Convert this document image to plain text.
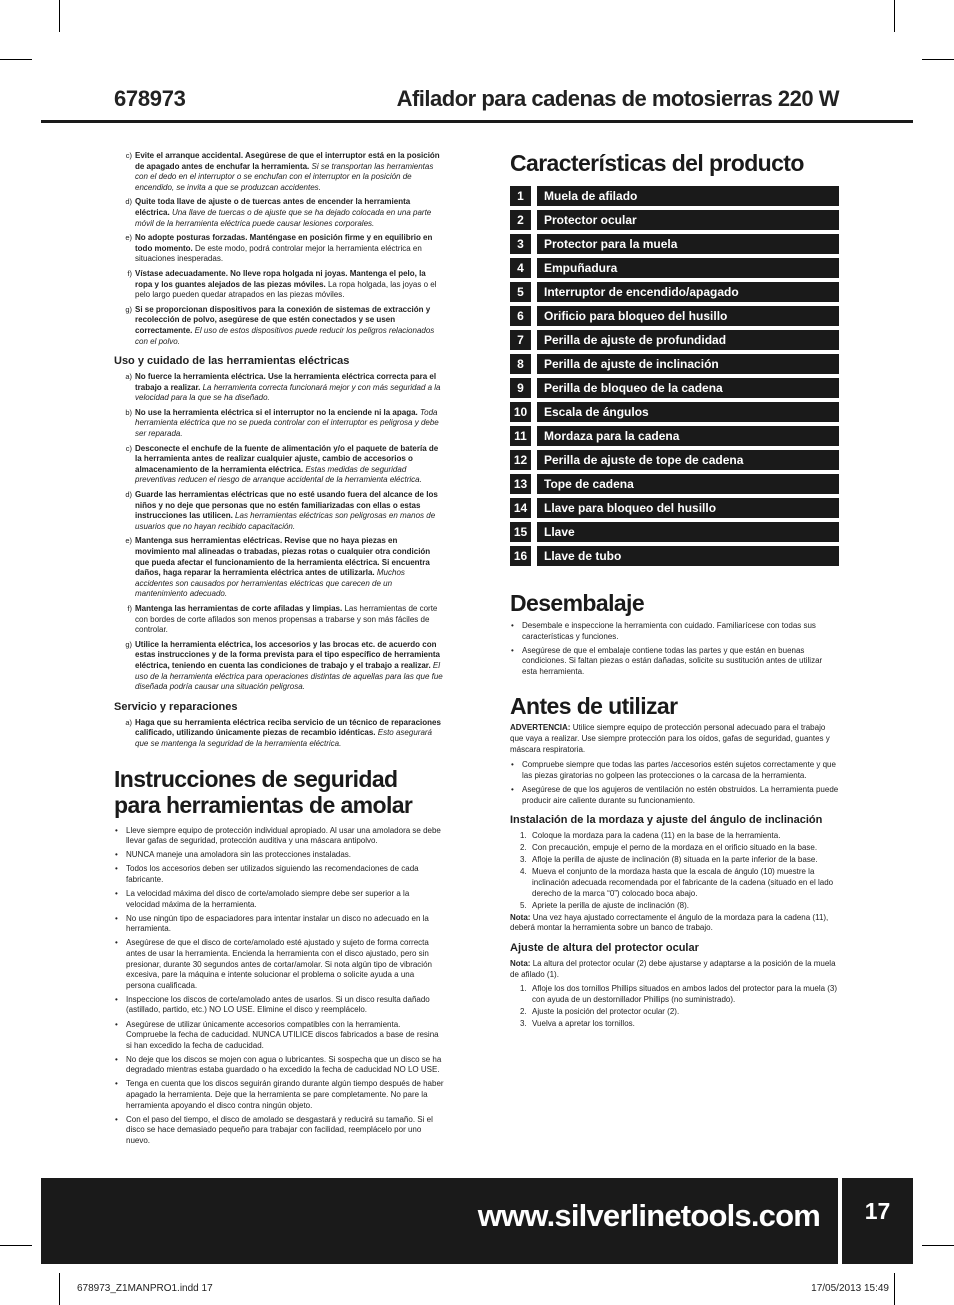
678973	Afilador para cadenas de motosierras 220 W
c) Evite el arranque accidental. Asegúrese de que el interruptor está en la posición de apagado antes de enchufar la herramienta. Si se transportan las herramientas con el dedo en el interruptor o se enchufan con el interruptor en la posición de encendido, se invita a que se produzcan accidentes.
d) Quite toda llave de ajuste o de tuercas antes de encender la herramienta eléctrica. Una llave de tuercas o de ajuste que se ha dejado colocada en una parte móvil de la herramienta eléctrica puede causar lesiones corporales.
e) No adopte posturas forzadas. Manténgase en posición firme y en equilibrio en todo momento. De este modo, podrá controlar mejor la herramienta eléctrica en situaciones inesperadas.
f) Vístase adecuadamente. No lleve ropa holgada ni joyas. Mantenga el pelo, la ropa y los guantes alejados de las piezas móviles. La ropa holgada, las joyas o el pelo largo pueden quedar atrapados en las piezas móviles.
g) Si se proporcionan dispositivos para la conexión de sistemas de extracción y recolección de polvo, asegúrese de que estén conectados y se usen correctamente. El uso de estos dispositivos puede reducir los peligros relacionados con el polvo.
Uso y cuidado de las herramientas eléctricas
a) No fuerce la herramienta eléctrica. Use la herramienta eléctrica correcta para el trabajo a realizar. La herramienta correcta funcionará mejor y con más seguridad a la velocidad para la que se ha diseñado.
b) No use la herramienta eléctrica si el interruptor no la enciende ni la apaga. Toda herramienta eléctrica que no se pueda controlar con el interruptor es peligrosa y debe ser reparada.
c) Desconecte el enchufe de la fuente de alimentación y/o el paquete de batería de la herramienta antes de realizar cualquier ajuste, cambio de accesorios o almacenamiento de la herramienta eléctrica. Estas medidas de seguridad preventivas reducen el riesgo de arranque accidental de la herramienta eléctrica.
d) Guarde las herramientas eléctricas que no esté usando fuera del alcance de los niños y no deje que personas que no estén familiarizadas con ellas o estas instrucciones las utilicen. Las herramientas eléctricas son peligrosas en manos de usuarios que no hayan recibido capacitación.
e) Mantenga sus herramientas eléctricas. Revise que no haya piezas en movimiento mal alineadas o trabadas, piezas rotas o cualquier otra condición que pueda afectar el funcionamiento de la herramienta eléctrica. Si encuentra daños, haga reparar la herramienta eléctrica antes de utilizarla. Muchos accidentes son causados por herramientas eléctricas que carecen de un mantenimiento adecuado.
f) Mantenga las herramientas de corte afiladas y limpias. Las herramientas de corte con bordes de corte afilados son menos propensas a trabarse y son más fáciles de controlar.
g) Utilice la herramienta eléctrica, los accesorios y las brocas etc. de acuerdo con estas instrucciones y de la forma prevista para el tipo específico de herramienta eléctrica, teniendo en cuenta las condiciones de trabajo y el trabajo a realizar. El uso de la herramienta eléctrica para operaciones distintas de aquellas para las que fue diseñada podría causar una situación peligrosa.
Servicio y reparaciones
a) Haga que su herramienta eléctrica reciba servicio de un técnico de reparaciones calificado, utilizando únicamente piezas de recambio idénticas. Esto asegurará que se mantenga la seguridad de la herramienta eléctrica.
Instrucciones de seguridad para herramientas de amolar
• Lleve siempre equipo de protección individual apropiado. Al usar una amoladora se debe llevar gafas de seguridad, protección auditiva y una máscara antipolvo.
• NUNCA maneje una amoladora sin las protecciones instaladas.
• Todos los accesorios deben ser utilizados siguiendo las recomendaciones de cada fabricante.
• La velocidad máxima del disco de corte/amolado siempre debe ser superior a la velocidad máxima de la herramienta.
• No use ningún tipo de espaciadores para intentar instalar un disco no adecuado en la herramienta.
• Asegúrese de que el disco de corte/amolado esté ajustado y sujeto de forma correcta antes de usar la herramienta. Encienda la herramienta con el disco ajustado, pero sin presionar, durante 30 segundos antes de cortar/amolar. Si nota algún tipo de vibración excesiva, pare la máquina e intente solucionar el problema o solicite ayuda a una persona cualificada.
• Inspeccione los discos de corte/amolado antes de usarlos. Si un disco resulta dañado (astillado, partido, etc.) NO LO USE. Elimine el disco y reemplácelo.
• Asegúrese de utilizar únicamente accesorios compatibles con la herramienta. Compruebe la fecha de caducidad. NUNCA UTILICE discos fabricados a base de resina si han excedido la fecha de caducidad.
• No deje que los discos se mojen con agua o lubricantes. Si sospecha que un disco se ha degradado mientras estaba guardado o ha excedido la fecha de caducidad NO LO USE.
• Tenga en cuenta que los discos seguirán girando durante algún tiempo después de haber apagado la herramienta. Deje que la herramienta se pare completamente. No pare la herramienta apoyando el disco contra ningún objeto.
• Con el paso del tiempo, el disco de amolado se desgastará y reducirá su tamaño. Si el disco se hace demasiado pequeño para trabajar con facilidad, reemplácelo por uno nuevo.
Características del producto
1	Muela de afilado
2	Protector ocular
3	Protector para la muela
4	Empuñadura
5	Interruptor de encendido/apagado
6	Orificio para bloqueo del husillo
7	Perilla de ajuste de profundidad
8	Perilla de ajuste de inclinación
9	Perilla de bloqueo de la cadena
10	Escala de ángulos
11	Mordaza para la cadena
12	Perilla de ajuste de tope de cadena
13	Tope de cadena
14	Llave para bloqueo del husillo
15	Llave
16	Llave de tubo
Desembalaje
• Desembale e inspeccione la herramienta con cuidado. Familiarícese con todas sus características y funciones.
• Asegúrese de que el embalaje contiene todas las partes y que están en buenas condiciones. Si faltan piezas o están dañadas, solicite su sustitución antes de utilizar esta herramienta.
Antes de utilizar
ADVERTENCIA: Utilice siempre equipo de protección personal adecuado para el trabajo que vaya a realizar. Use siempre protección para los oídos, gafas de seguridad, guantes y máscara respiratoria.
• Compruebe siempre que todas las partes /accesorios estén sujetos correctamente y que las piezas giratorias no golpeen las protecciones o la carcasa de la herramienta.
• Asegúrese de que los agujeros de ventilación no estén obstruidos. La herramienta puede producir aire caliente durante su funcionamiento.
Instalación de la mordaza y ajuste del ángulo de inclinación
1. Coloque la mordaza para la cadena (11) en la base de la herramienta.
2. Con precaución, empuje el perno de la mordaza en el orificio situado en la base.
3. Afloje la perilla de ajuste de inclinación (8) situada en la parte inferior de la base.
4. Mueva el conjunto de la mordaza hasta que la escala de ángulo (10) muestre la inclinación adecuada recomendada por el fabricante de la cadena (situado en el lado derecho de la marca “0”) colocado boca abajo.
5. Apriete la perilla de ajuste de inclinación (8).
Nota: Una vez haya ajustado correctamente el ángulo de la mordaza para la cadena (11), deberá montar la herramienta sobre un banco de trabajo.
Ajuste de altura del protector ocular
Nota: La altura del protector ocular (2) debe ajustarse y adaptarse a la posición de la muela de afilado (1).
1. Afloje los dos tornillos Phillips situados en ambos lados del protector para la muela (3) con ayuda de un destornillador Phillips (no suministrado).
2. Ajuste la posición del protector ocular (2).
3. Vuelva a apretar los tornillos.
www.silverlinetools.com	17
678973_Z1MANPRO1.indd 17	17/05/2013 15:49
